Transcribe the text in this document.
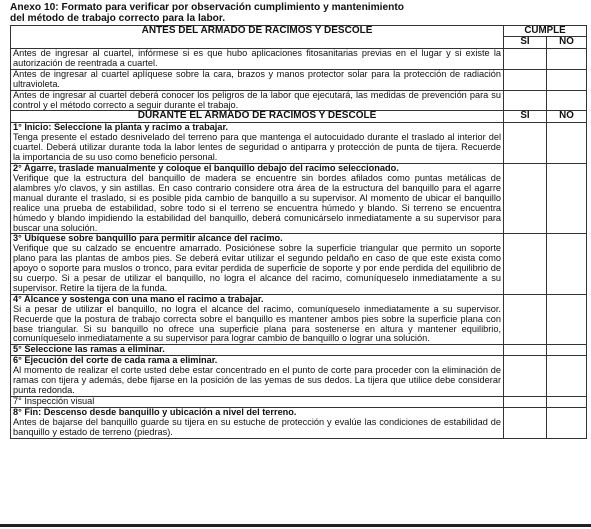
Anexo 10: Formato para verificar por observación cumplimiento y mantenimiento
del método de trabajo correcto para la labor.
ANTES DEL ARMADO DE RACIMOS Y DESCOLE	CUMPLE	
	SI	NO
Antes de ingresar al cuartel, infórmese si es que hubo aplicaciones fitosanitarias previas en el lugar y si existe la autorización de reentrada a cuartel.		
Antes de ingresar al cuartel aplíquese sobre la cara, brazos y manos protector solar para la protección de radiación ultravioleta.		
Antes de ingresar al cuartel deberá conocer los peligros de la labor que ejecutará, las medidas de prevención para su control y el método correcto a seguir durante el trabajo.		
DURANTE EL ARMADO DE RACIMOS Y DESCOLE	SI	NO

1° Inicio: Seleccione la planta y racimo a trabajar.
Tenga presente el estado desnivelado del terreno para que mantenga el autocuidado durante el traslado al interior del cuartel. Deberá utilizar durante toda la labor lentes de seguridad o antiparra y protección de punta de tijera. Recuerde la importancia de su uso como beneficio personal.		

2° Agarre, traslade manualmente y coloque el banquillo debajo del racimo seleccionado.
Verifique que la estructura del banquillo de madera se encuentre sin bordes afilados como puntas metálicas de alambres y/o clavos, y sin astillas. En caso contrario considere otra área de la estructura del banquillo para el agarre manual durante el traslado, si es posible pida cambio de banquillo a su supervisor. Al momento de ubicar el banquillo realice una prueba de estabilidad, sobre todo si el terreno se encuentra húmedo y blando. Si terreno se encuentra húmedo y blando impidiendo la estabilidad del banquillo, deberá comunicárselo inmediatamente a su supervisor para buscar una solución.		

3° Ubíquese sobre banquillo para permitir alcance del racimo.
Verifique que su calzado se encuentre amarrado. Posiciónese sobre la superficie triangular que permito un soporte plano para las plantas de ambos pies. Se deberá evitar utilizar el segundo peldaño en caso de que este exista como apoyo o soporte para muslos o tronco, para evitar perdida de superficie de soporte y por ende perdida del equilibrio de su cuerpo. Si a pesar de utilizar el banquillo, no logra el alcance del racimo, comuníqueselo inmediatamente a su supervisor. Retire la tijera de la funda.		

4° Alcance y sostenga con una mano el racimo a trabajar.
Si a pesar de utilizar el banquillo, no logra el alcance del racimo, comuníqueselo inmediatamente a su supervisor. Recuerde que la postura de trabajo correcta sobre el banquillo es mantener ambos pies sobre la superficie plana con base triangular. Si su banquillo no ofrece una superficie plana para sostenerse en altura y mantener equilibrio, comuníqueselo inmediatamente a su supervisor para lograr cambio de banquillo o lograr una solución.		

5° Seleccione las ramas a eliminar.		

6° Ejecución del corte de cada rama a eliminar.
Al momento de realizar el corte usted debe estar concentrado en el punto de corte para proceder con la eliminación de ramas con tijera y además, debe fijarse en la posición de las yemas de sus dedos. La tijera que utilice debe considerar punta redonda.		

7° Inspección visual		

8° Fin: Descenso desde banquillo y ubicación a nivel del terreno.
Antes de bajarse del banquillo guarde su tijera en su estuche de protección y evalúe las condiciones de estabilidad de banquillo y estado de terreno (piedras).		
